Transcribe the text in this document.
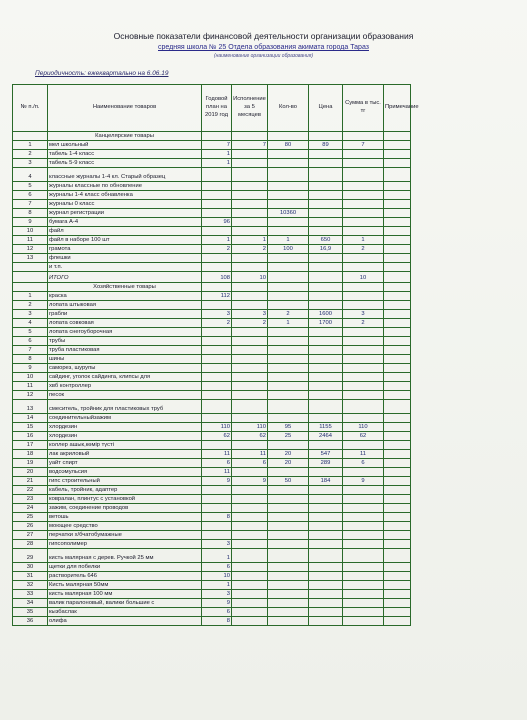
Основные показатели финансовой деятельности организации образования
средняя школа № 25 Отдела образования акимата города Тараз
(наименование организации образования)
Периодичность: ежеквартально на 6.06.19
№ п./п.	Наименование товаров	Годовой план на 2019 год	Исполнение за 5 месяцев	Кол-во	Цена	Сумма в тыс. тг	Примечание
	Канцелярские товары						
1	мел школьный	7	7	80	89	7	
2	табель 1-4 класс	1					
3	табель 5-9 класс	1					
4	классные журналы 1-4 кл. Старый образец						
5	журналы классные по обновление						
6	журналы 1-4 класс обнавленка						
7	журналы 0 класс						
8	журнал регистрации			10360			
9	бумага А-4	96					
10	файл						
11	файл в наборе 100 шт	1	1	1	650	1	
12	грамота	2	2	100	16,9	2	
13	флешки						
	и т.п.						
	ИТОГО	108	10			10	
	Хозяйственные товары						
1	краска	112					
2	лопата штыковая						
3	грабли	3	3	2	1600	3	
4	лопата совковая	2	2	1	1700	2	
5	лопата снегоуборочная						
6	трубы						
7	труба пластиковая						
8	шины						
9	саморез, шурупы						
10	сайдинг, уголок сайдинга, клипсы для						
11	хвб контроллер						
12	песок						
13	смеситель, тройник для пластиковых труб						
14	соединительныйзажим						
15	хлордезин	110	110	95	1155	110	
16	хлордезин	62	62	25	2464	62	
17	коллер ашык,көмір түсті						
18	лак акриловый	11	11	20	547	11	
19	уайт спирт	6	6	20	289	6	
20	водоэмульсия	11					
21	гипс строительный	9	9	50	184	9	
22	кабель, тройник, адаптер						
23	ковралан, плинтус с установкой						
24	зажим, соединение проводов						
25	ветошь	8					
26	моющее средство						
27	перчатки х/бчатобумажные						
28	гипсополимер	3					
29	кисть малярная с дерев. Ручкой 25 мм	1					
30	щетки для побелки	6					
31	растворитель 646	10					
32	Кисть малярная 50мм	1					
33	кисть малярная 100 мм	3					
34	валик паралоновый, валики большие с	9					
35	кызбаслак	6					
36	олифа	8					
